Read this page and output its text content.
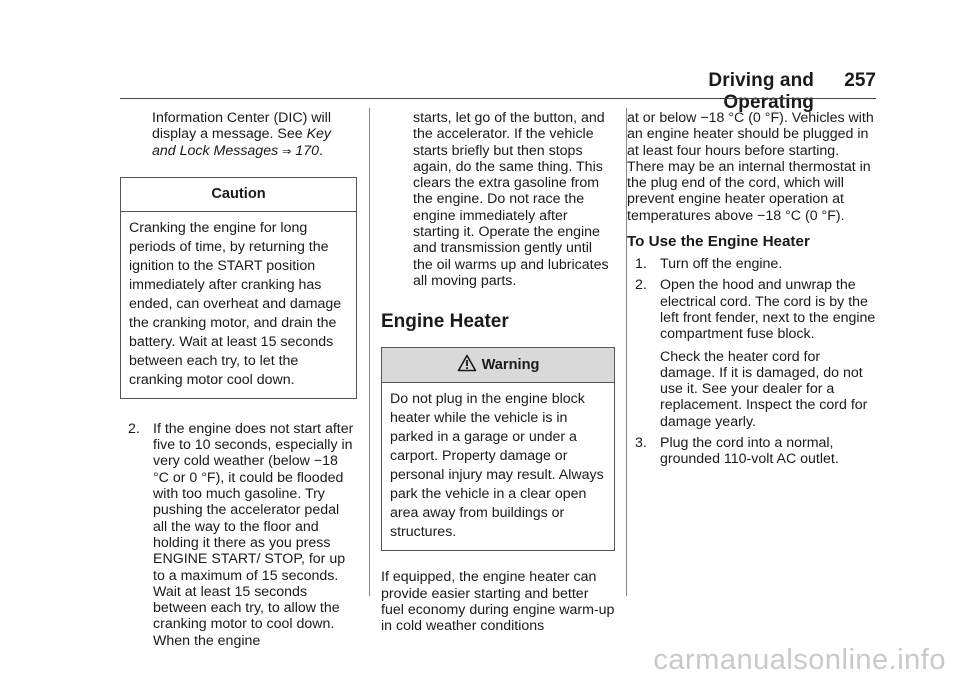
Driving and Operating
257

Information Center (DIC) will display a message. See Key and Lock Messages ⇒ 170.

Caution
Cranking the engine for long periods of time, by returning the ignition to the START position immediately after cranking has ended, can overheat and damage the cranking motor, and drain the battery. Wait at least 15 seconds between each try, to let the cranking motor cool down.
2. If the engine does not start after five to 10 seconds, especially in very cold weather (below −18 °C or 0 °F), it could be flooded with too much gasoline. Try pushing the accelerator pedal all the way to the floor and holding it there as you press ENGINE START/ STOP, for up to a maximum of 15 seconds. Wait at least 15 seconds between each try, to allow the cranking motor to cool down. When the engine

starts, let go of the button, and the accelerator. If the vehicle starts briefly but then stops again, do the same thing. This clears the extra gasoline from the engine. Do not race the engine immediately after starting it. Operate the engine and transmission gently until the oil warms up and lubricates all moving parts.

Engine Heater
Warning
Do not plug in the engine block heater while the vehicle is in parked in a garage or under a carport. Property damage or personal injury may result. Always park the vehicle in a clear open area away from buildings or structures.

If equipped, the engine heater can provide easier starting and better fuel economy during engine warm-up in cold weather conditions

at or below −18 °C (0 °F). Vehicles with an engine heater should be plugged in at least four hours before starting. There may be an internal thermostat in the plug end of the cord, which will prevent engine heater operation at temperatures above −18 °C (0 °F).

To Use the Engine Heater
1. Turn off the engine.
2. Open the hood and unwrap the electrical cord. The cord is by the left front fender, next to the engine compartment fuse block.

Check the heater cord for damage. If it is damaged, do not use it. See your dealer for a replacement. Inspect the cord for damage yearly.

3. Plug the cord into a normal, grounded 110-volt AC outlet.
carmanualsonline.info
